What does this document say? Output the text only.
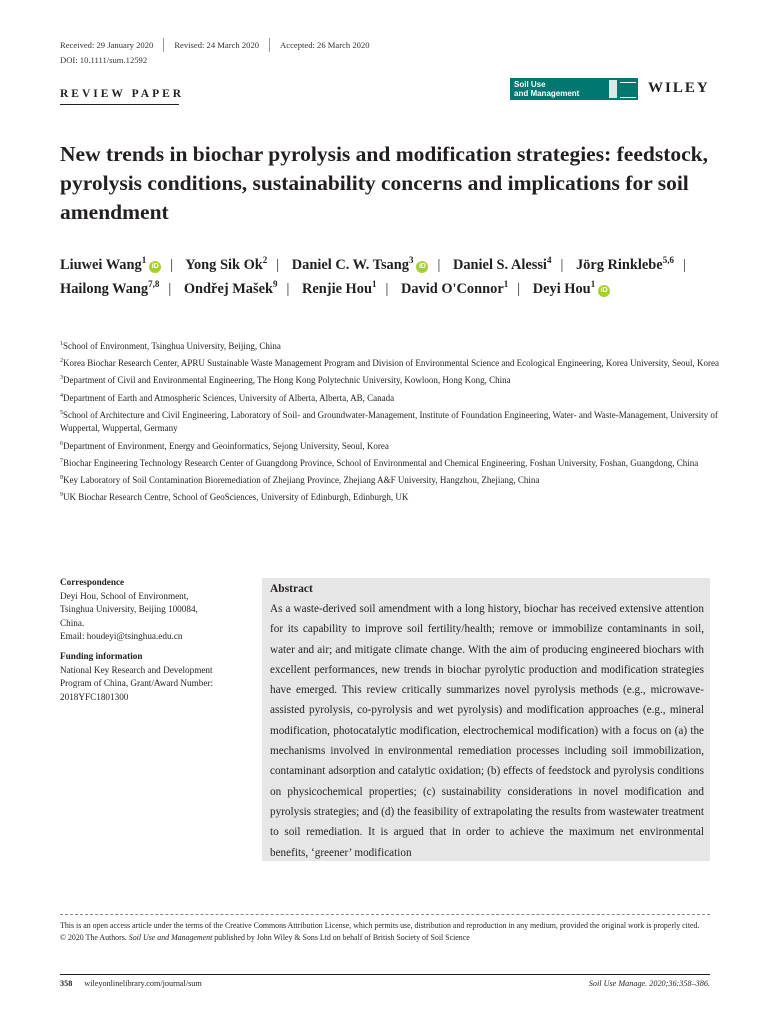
Received: 29 January 2020 Revised: 24 March 2020 Accepted: 26 March 2020
DOI: 10.1111/sum.12592
REVIEW PAPER
Soil Use
and Management	WILEY
New trends in biochar pyrolysis and modification strategies: feedstock, pyrolysis conditions, sustainability concerns and implications for soil amendment
Liuwei Wang$^1$iD | Yong Sik Ok$^2$ | Daniel C. W. Tsang$^3$iD | Daniel S. Alessi$^4$ | Jörg Rinklebe$^{5,6}$ | Hailong Wang$^{7,8}$ | Ondřej Mašek$^9$ | Renjie Hou$^1$ | David O'Connor$^1$ | Deyi Hou$^1$iD
$^1$School of Environment, Tsinghua University, Beijing, China
$^2$Korea Biochar Research Center, APRU Sustainable Waste Management Program and Division of Environmental Science and Ecological Engineering, Korea University, Seoul, Korea
$^3$Department of Civil and Environmental Engineering, The Hong Kong Polytechnic University, Kowloon, Hong Kong, China
$^4$Department of Earth and Atmospheric Sciences, University of Alberta, Alberta, AB, Canada
$^5$School of Architecture and Civil Engineering, Laboratory of Soil- and Groundwater-Management, Institute of Foundation Engineering, Water- and Waste-Management, University of Wuppertal, Wuppertal, Germany
$^6$Department of Environment, Energy and Geoinformatics, Sejong University, Seoul, Korea
$^7$Biochar Engineering Technology Research Center of Guangdong Province, School of Environmental and Chemical Engineering, Foshan University, Foshan, Guangdong, China
$^8$Key Laboratory of Soil Contamination Bioremediation of Zhejiang Province, Zhejiang A&F University, Hangzhou, Zhejiang, China
$^9$UK Biochar Research Centre, School of GeoSciences, University of Edinburgh, Edinburgh, UK
Correspondence
Deyi Hou, School of Environment,
Tsinghua University, Beijing 100084,
China.
Email: houdeyi@tsinghua.edu.cn
Funding information
National Key Research and Development
Program of China, Grant/Award Number:
2018YFC1801300
Abstract
As a waste-derived soil amendment with a long history, biochar has received extensive attention for its capability to improve soil fertility/health; remove or immobilize contaminants in soil, water and air; and mitigate climate change. With the aim of producing engineered biochars with excellent performances, new trends in biochar pyrolytic production and modification strategies have emerged. This review critically summarizes novel pyrolysis methods (e.g., microwave-assisted pyrolysis, co-pyrolysis and wet pyrolysis) and modification approaches (e.g., mineral modification, photocatalytic modification, electrochemical modification) with a focus on (a) the mechanisms involved in environmental remediation processes including soil immobilization, contaminant adsorption and catalytic oxidation; (b) effects of feedstock and pyrolysis conditions on physicochemical properties; (c) sustainability considerations in novel modification and pyrolysis strategies; and (d) the feasibility of extrapolating the results from wastewater treatment to soil remediation. It is argued that in order to achieve the maximum net environmental benefits, ‘greener’ modification
This is an open access article under the terms of the Creative Commons Attribution License, which permits use, distribution and reproduction in any medium, provided the original work is properly cited.
© 2020 The Authors. Soil Use and Management published by John Wiley & Sons Ltd on behalf of British Society of Soil Science
358 wileyonlinelibrary.com/journal/sum	Soil Use Manage. 2020;36:358–386.
